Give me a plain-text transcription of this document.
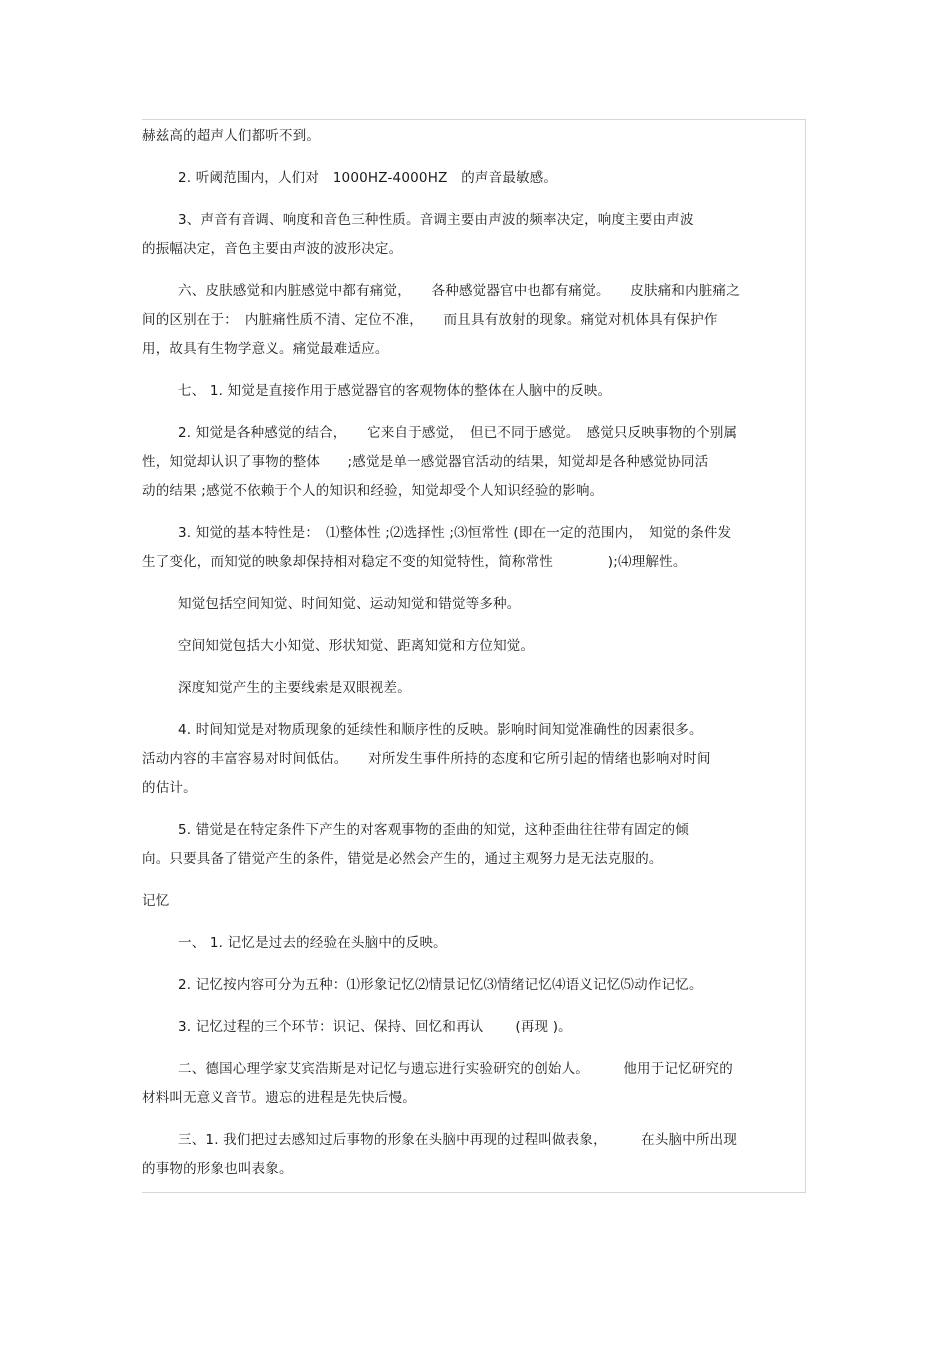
赫兹高的超声人们都听不到。
2. 听阈范围内，人们对　1000HZ-4000HZ　的声音最敏感。
3、声音有音调、响度和音色三种性质。音调主要由声波的频率决定，响度主要由声波
的振幅决定，音色主要由声波的波形决定。
六、皮肤感觉和内脏感觉中都有痛觉，　　各种感觉器官中也都有痛觉。　　皮肤痛和内脏痛之
间的区别在于：　内脏痛性质不清、定位不准，　　而且具有放射的现象。痛觉对机体具有保护作
用，故具有生物学意义。痛觉最难适应。
七、 1. 知觉是直接作用于感觉器官的客观物体的整体在人脑中的反映。
2. 知觉是各种感觉的结合，　　它来自于感觉，　但已不同于感觉。　感觉只反映事物的个别属
性，知觉却认识了事物的整体　　;感觉是单一感觉器官活动的结果，知觉却是各种感觉协同活
动的结果 ;感觉不依赖于个人的知识和经验，知觉却受个人知识经验的影响。
3. 知觉的基本特性是：　⑴整体性 ;⑵选择性 ;⑶恒常性 (即在一定的范围内，　知觉的条件发
生了变化，而知觉的映象却保持相对稳定不变的知觉特性，简称常性　　　　);⑷理解性。
知觉包括空间知觉、时间知觉、运动知觉和错觉等多种。
空间知觉包括大小知觉、形状知觉、距离知觉和方位知觉。
深度知觉产生的主要线索是双眼视差。
4. 时间知觉是对物质现象的延续性和顺序性的反映。影响时间知觉准确性的因素很多。
活动内容的丰富容易对时间低估。　　对所发生事件所持的态度和它所引起的情绪也影响对时间
的估计。
5. 错觉是在特定条件下产生的对客观事物的歪曲的知觉，这种歪曲往往带有固定的倾
向。只要具备了错觉产生的条件，错觉是必然会产生的，通过主观努力是无法克服的。
记忆
一、 1. 记忆是过去的经验在头脑中的反映。
2. 记忆按内容可分为五种：⑴形象记忆⑵情景记忆⑶情绪记忆⑷语义记忆⑸动作记忆。
3. 记忆过程的三个环节：识记、保持、回忆和再认　　 (再现 )。
二、德国心理学家艾宾浩斯是对记忆与遗忘进行实验研究的创始人。　　　他用于记忆研究的
材料叫无意义音节。遗忘的进程是先快后慢。
三、1. 我们把过去感知过后事物的形象在头脑中再现的过程叫做表象，　　　在头脑中所出现
的事物的形象也叫表象。
